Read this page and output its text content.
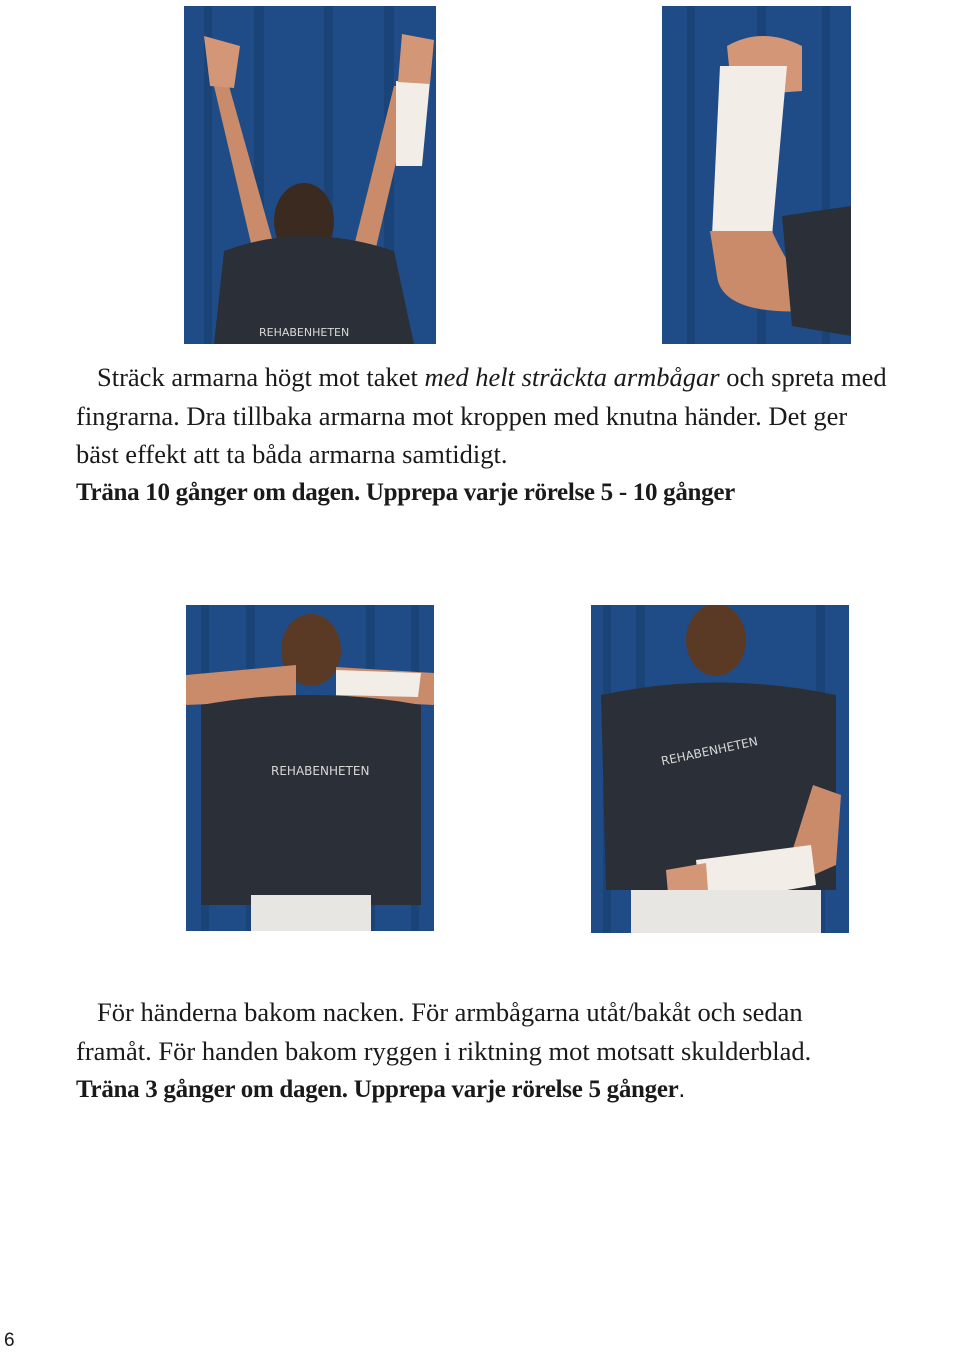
REHABENHETEN
REHABENHETEN
REHABENHETEN
Sträck armarna högt mot taket med helt sträckta armbågar och spreta med
fingrarna. Dra tillbaka armarna mot kroppen med knutna händer. Det ger
bäst effekt att ta båda armarna samtidigt.
Träna 10 gånger om dagen. Upprepa varje rörelse 5 - 10 gånger
För händerna bakom nacken. För armbågarna utåt/bakåt och sedan
framåt. För handen bakom ryggen i riktning mot motsatt skulderblad.
Träna 3 gånger om dagen. Upprepa varje rörelse 5 gånger.
6
